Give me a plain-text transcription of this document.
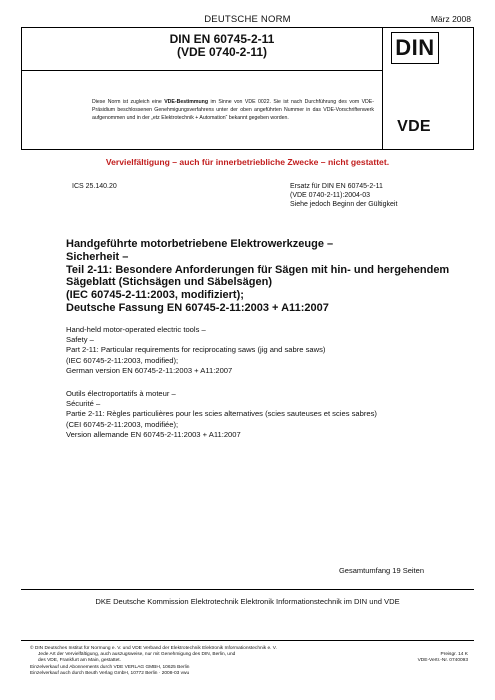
DEUTSCHE NORM	März 2008
DIN EN 60745-2-11
(VDE 0740-2-11)	DIN
VDE
Diese Norm ist zugleich eine VDE-Bestimmung im Sinne von VDE 0022. Sie ist nach Durchführung des vom VDE-Präsidium beschlossenen Genehmigungsverfahrens unter der oben angeführten Nummer in das VDE-Vorschriftenwerk aufgenommen und in der „etz Elektrotechnik + Automation“ bekannt gegeben worden.
Vervielfältigung – auch für innerbetriebliche Zwecke – nicht gestattet.
ICS 25.140.20	Ersatz für DIN EN 60745-2-11
(VDE 0740-2-11):2004-03
Siehe jedoch Beginn der Gültigkeit
Handgeführte motorbetriebene Elektrowerkzeuge –
Sicherheit –
Teil 2-11: Besondere Anforderungen für Sägen mit hin- und hergehendem
Sägeblatt (Stichsägen und Säbelsägen)
(IEC 60745-2-11:2003, modifiziert);
Deutsche Fassung EN 60745-2-11:2003 + A11:2007
Hand-held motor-operated electric tools –
Safety –
Part 2-11: Particular requirements for reciprocating saws (jig and sabre saws)
(IEC 60745-2-11:2003, modified);
German version EN 60745-2-11:2003 + A11:2007
Outils électroportatifs à moteur –
Sécurité –
Partie 2-11: Règles particulières pour les scies alternatives (scies sauteuses et scies sabres)
(CEI 60745-2-11:2003, modifiée);
Version allemande EN 60745-2-11:2003 + A11:2007
Gesamtumfang 19 Seiten
DKE Deutsche Kommission Elektrotechnik Elektronik Informationstechnik im DIN und VDE
© DIN Deutsches Institut für Normung e. V. und VDE Verband der Elektrotechnik Elektronik Informationstechnik e. V.
Jede Art der Vervielfältigung, auch auszugsweise, nur mit Genehmigung des DIN, Berlin, und
des VDE, Frankfurt am Main, gestattet.
Einzelverkauf und Abonnements durch VDE VERLAG GMBH, 10625 Berlin
Einzelverkauf auch durch Beuth Verlag GmbH, 10772 Berlin · 2008-03 vwu
Preisgr. 14 K
VDE-Vertr.-Nr. 0740093
